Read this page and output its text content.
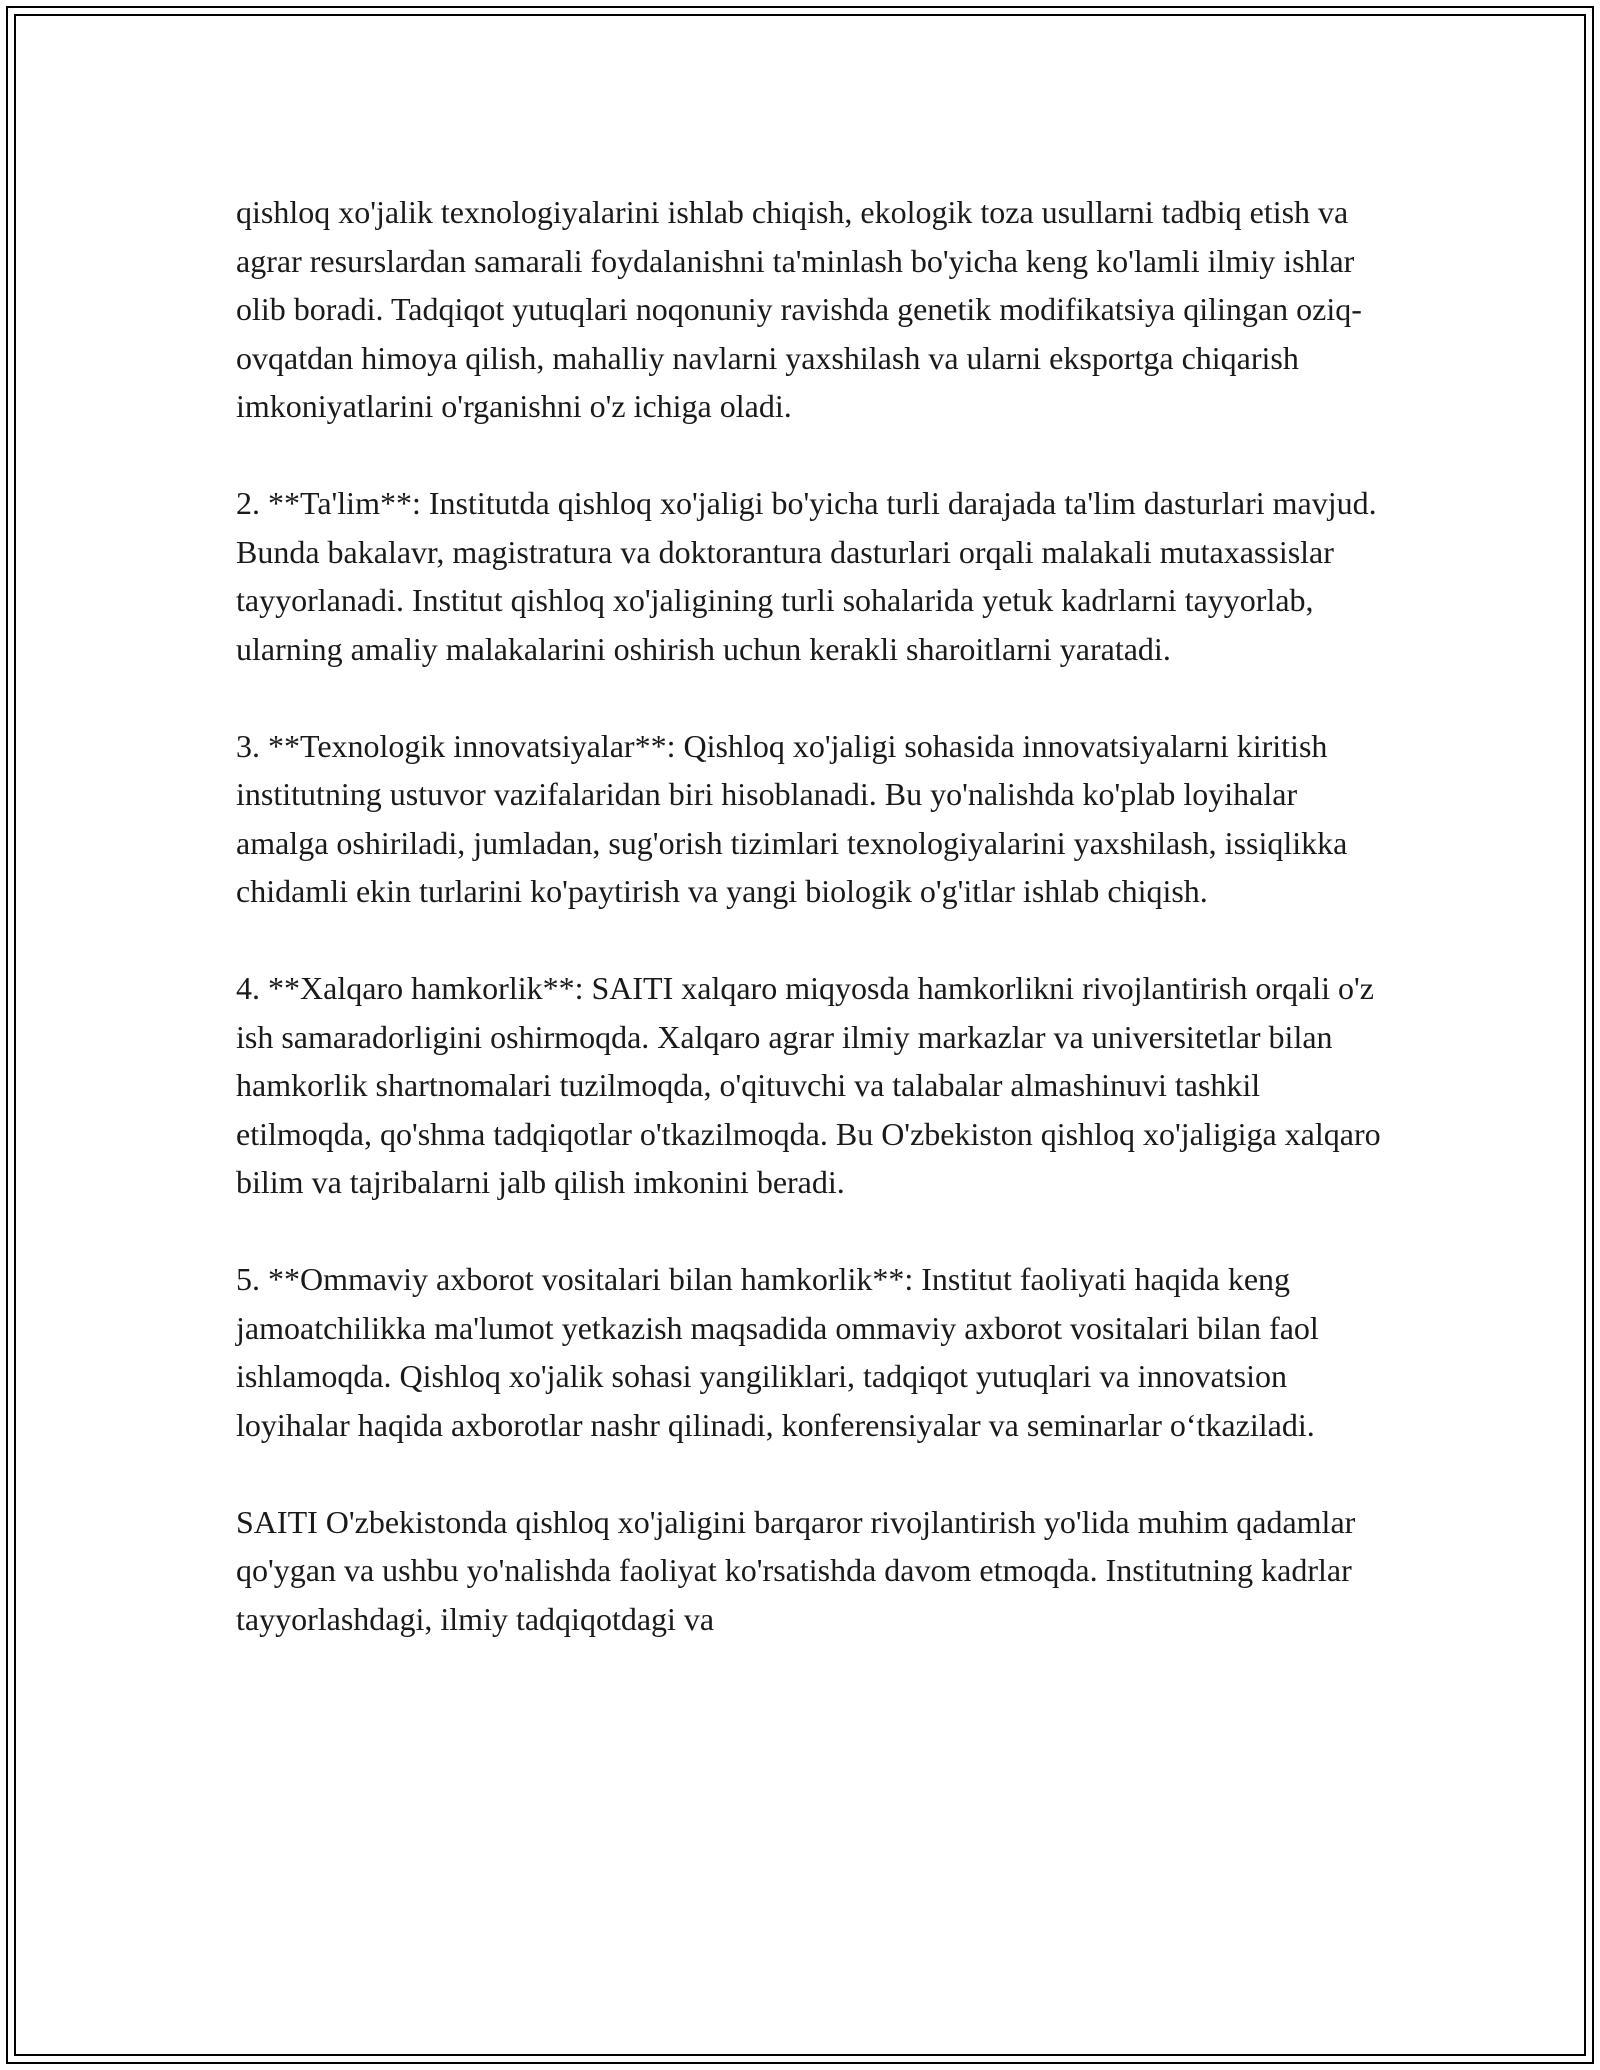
qishloq xo'jalik texnologiyalarini ishlab chiqish, ekologik toza usullarni tadbiq etish va agrar resurslardan samarali foydalanishni ta'minlash bo'yicha keng ko'lamli ilmiy ishlar olib boradi. Tadqiqot yutuqlari noqonuniy ravishda genetik modifikatsiya qilingan oziq-ovqatdan himoya qilish, mahalliy navlarni yaxshilash va ularni eksportga chiqarish imkoniyatlarini o'rganishni o'z ichiga oladi.

2. **Ta'lim**: Institutda qishloq xo'jaligi bo'yicha turli darajada ta'lim dasturlari mavjud. Bunda bakalavr, magistratura va doktorantura dasturlari orqali malakali mutaxassislar tayyorlanadi. Institut qishloq xo'jaligining turli sohalarida yetuk kadrlarni tayyorlab, ularning amaliy malakalarini oshirish uchun kerakli sharoitlarni yaratadi.

3. **Texnologik innovatsiyalar**: Qishloq xo'jaligi sohasida innovatsiyalarni kiritish institutning ustuvor vazifalaridan biri hisoblanadi. Bu yo'nalishda ko'plab loyihalar amalga oshiriladi, jumladan, sug'orish tizimlari texnologiyalarini yaxshilash, issiqlikka chidamli ekin turlarini ko'paytirish va yangi biologik o'g'itlar ishlab chiqish.

4. **Xalqaro hamkorlik**: SAITI xalqaro miqyosda hamkorlikni rivojlantirish orqali o'z ish samaradorligini oshirmoqda. Xalqaro agrar ilmiy markazlar va universitetlar bilan hamkorlik shartnomalari tuzilmoqda, o'qituvchi va talabalar almashinuvi tashkil etilmoqda, qo'shma tadqiqotlar o'tkazilmoqda. Bu O'zbekiston qishloq xo'jaligiga xalqaro bilim va tajribalarni jalb qilish imkonini beradi.

5. **Ommaviy axborot vositalari bilan hamkorlik**: Institut faoliyati haqida keng jamoatchilikka ma'lumot yetkazish maqsadida ommaviy axborot vositalari bilan faol ishlamoqda. Qishloq xo'jalik sohasi yangiliklari, tadqiqot yutuqlari va innovatsion loyihalar haqida axborotlar nashr qilinadi, konferensiyalar va seminarlar o‘tkaziladi.

SAITI O'zbekistonda qishloq xo'jaligini barqaror rivojlantirish yo'lida muhim qadamlar qo'ygan va ushbu yo'nalishda faoliyat ko'rsatishda davom etmoqda. Institutning kadrlar tayyorlashdagi, ilmiy tadqiqotdagi va
